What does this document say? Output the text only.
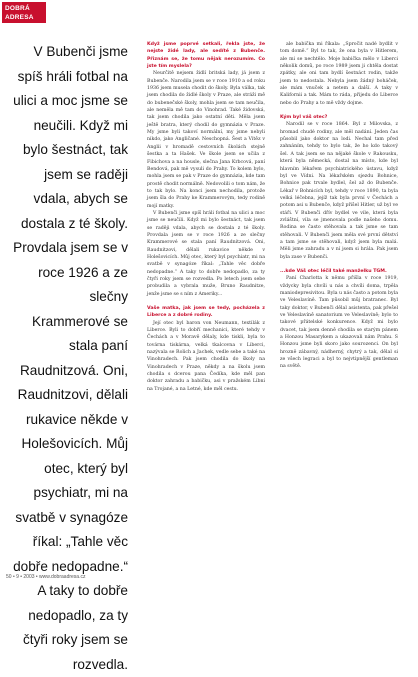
DOBRÁ
ADRESA
V Bubenči jsme spíš hráli fotbal na ulici a moc jsme se neučili. Když mi bylo šestnáct, tak jsem se raději vdala, abych se dostala z té školy. Provdala jsem se v roce 1926 a ze slečny Krammerové se stala paní Raudnitzová. Oni, Raudnitzovi, dělali rukavice někde v Holešovicích. Můj otec, který byl psychiatr, mi na svatbě v synagóze říkal: „Tahle věc dobře nedopadne.“ A taky to dobře nedopadlo, za ty čtyři roky jsem se rozvedla.

Když jsme poprvé setkali, řekla jste, že nejste židé lady, ale sedíté z Bubenče. Přiznám se, že tomu nějak nerozumím. Co jste tím myslela?

Neurčitě nejsem židlí britská lady, já jsem z Bubenče. Narodila jsem se v roce 1910 a od roku 1936 jsem musela chodit do školy. Byla válka, tak jsem chodila do židlé školy v Praze, ale stráži mě do bubenečské školy, mohla jsem se tam neučila, ale neměla mě tam do Vinohrad. Také židovská, tak jsem chodila jako ostatní děti. Měla jsem ještě bratra, který chodil do gymnázia v Praze. My jsme byli takoví normální, my jsme nebyli nikdo, jako Angličané. Neschopná. Šest a Vítěz v Anglii v hromadě cestovních školách stejně šestka a ta Hašek. Ve škole jsem se učila z Fibichova a na housle, slečna Jana Krbcová, paní Bendová, pak mě vysuli do Prahy. To kolem bylo, mohla jsem se pak v Praze do gymnázia, kde tam prostě chodit normálně. Nedovolili o tom nám, že to tak bylo. Na konci jsem nechodila, protože jsem šla do Prahy ke Krammerovým, tedy rodině mojí matky.

V Bubenči jsme spíš hráli fotbal na ulici a moc jsme se neučili. Když mi bylo šestnáct, tak jsem se raději vdala, abych se dostala z té školy. Provdala jsem se v roce 1926 a ze slečny Krammerové se stala paní Raudnitzová. Oni, Raudnitzovi, dělali rukavice někde v Holešovicích. Můj otec, který byl psychiatr, mi na svatbě v synagóze říkal: „Tahle věc dobře nedopadne.“ A taky to dobře nedopadlo, za ty čtyři roky jsem se rozvedla. Po letech jsem sebe probudila a vybrala muže, Bruno Raudnitze, jenže jsme se s ním z Ameriky...

Vaše matka, jak jsem se tedy, pocházela z Liberce a z dobré rodiny.

Její otec byl baron von Neumann, textilák z Liberce. Byli to dobří mechanici, které tehdy v Čechách a v Moravě dělaly, kde tiskli, byla to továrna tiskárna, velká tkalcovna v Liberci, nazývala se Rolich a Jachek, vedle sebe a také na Vinohradech. Pak jsem chodila do školy na Vinohradech v Praze, někdy a na školu jsem chodila s dcerou pana Čedíka, kde měl pan doktor zahradu a babičku, asi v pražském Libni na Trojané, a na Letné, kde měl cestu.

ale babička mi říkala: „Spročit nadé bydlit v tom domě.“ Byl to tak, že ona byla v Hitlerem, ale mi se nechtělo. Moje babička mělo v Liberci několik domů, po roce 1989 jsem ji chtěla dostat zpátky, ale oni tam bydlí šestnáct rodin, takže jsem to nedostala. Nebyla jsem žádný boháček, ale mám vnuček a netem a další. A taky v Kalifornii a tak. Mám to ráda, přijedu do Liberce nebo do Prahy a to mě vždy dojme.

Kým byl váš otec?

Narodil se v roce 1864. Byl z Milovska, z hromad chudé rodiny, ale měl nadání. Jeden čas působil jako doktor na lodi. Nechal tam před zahnáním, tehdy to bylo tak, že ho kdo takový šel. A tak jsem se na nějaké škole v Rakousku, která byla německá, dostal na místo, kde byl hlavním lékařem psychiatrického ústavu, když byl ve Vídni. Na lékařském sjezdu Bohnice, Bohnice pak trvale bydlel, šel až do Bubenče. Lékař v Bohnicích byl, tehdy v roce 1890, ta byla velká léčebna, jejíž tak byla první v Čechách a potom asi u Bubenče, když přišel Hitler, už byl ve stáři. V Bubenči dřív bydlel ve vile, která byla zvláštní, vila se jmenovala podle našeho domu. Rodina se často stěhovala a tak jsme se tam stěhovali. V Bubenči jsem měla své první dětství a tam jsme se stěhovali, když jsem byla malá. Měli jsme zahradu a v ní jsem si hrála. Pak jsem byla zase v Bubenči.

...kde Váš otec léčil také manželku TGM.

Paní Charlotta k němu přišla v roce 1919, vždycky byla chvíli u nás a chvíli doma, trpěla maniodepresivitou. Byla u nás často a potom byla ve Veleslavíně. Tam působil můj bratranec. Byl taky doktor, v Bubenči dělal asistenta, pak přešel ve Veleslavíně sanatorium ve Veleslavíně; bylo to takové přátelské konkurence. Když mi bylo dvacet, tak jsem denně chodila se starým pánem a Honzou Masarykem a ukazovali nám Prahu. S Honzou jsme byli skoro jako sourozenci. On byl hrozně zábavný, nádherný, chytrý a tak, dělal si ze všech legraci a byl to nejvtipnější gentleman na světě.

50 • 9 • 2003 • www.dobraadresa.cz
